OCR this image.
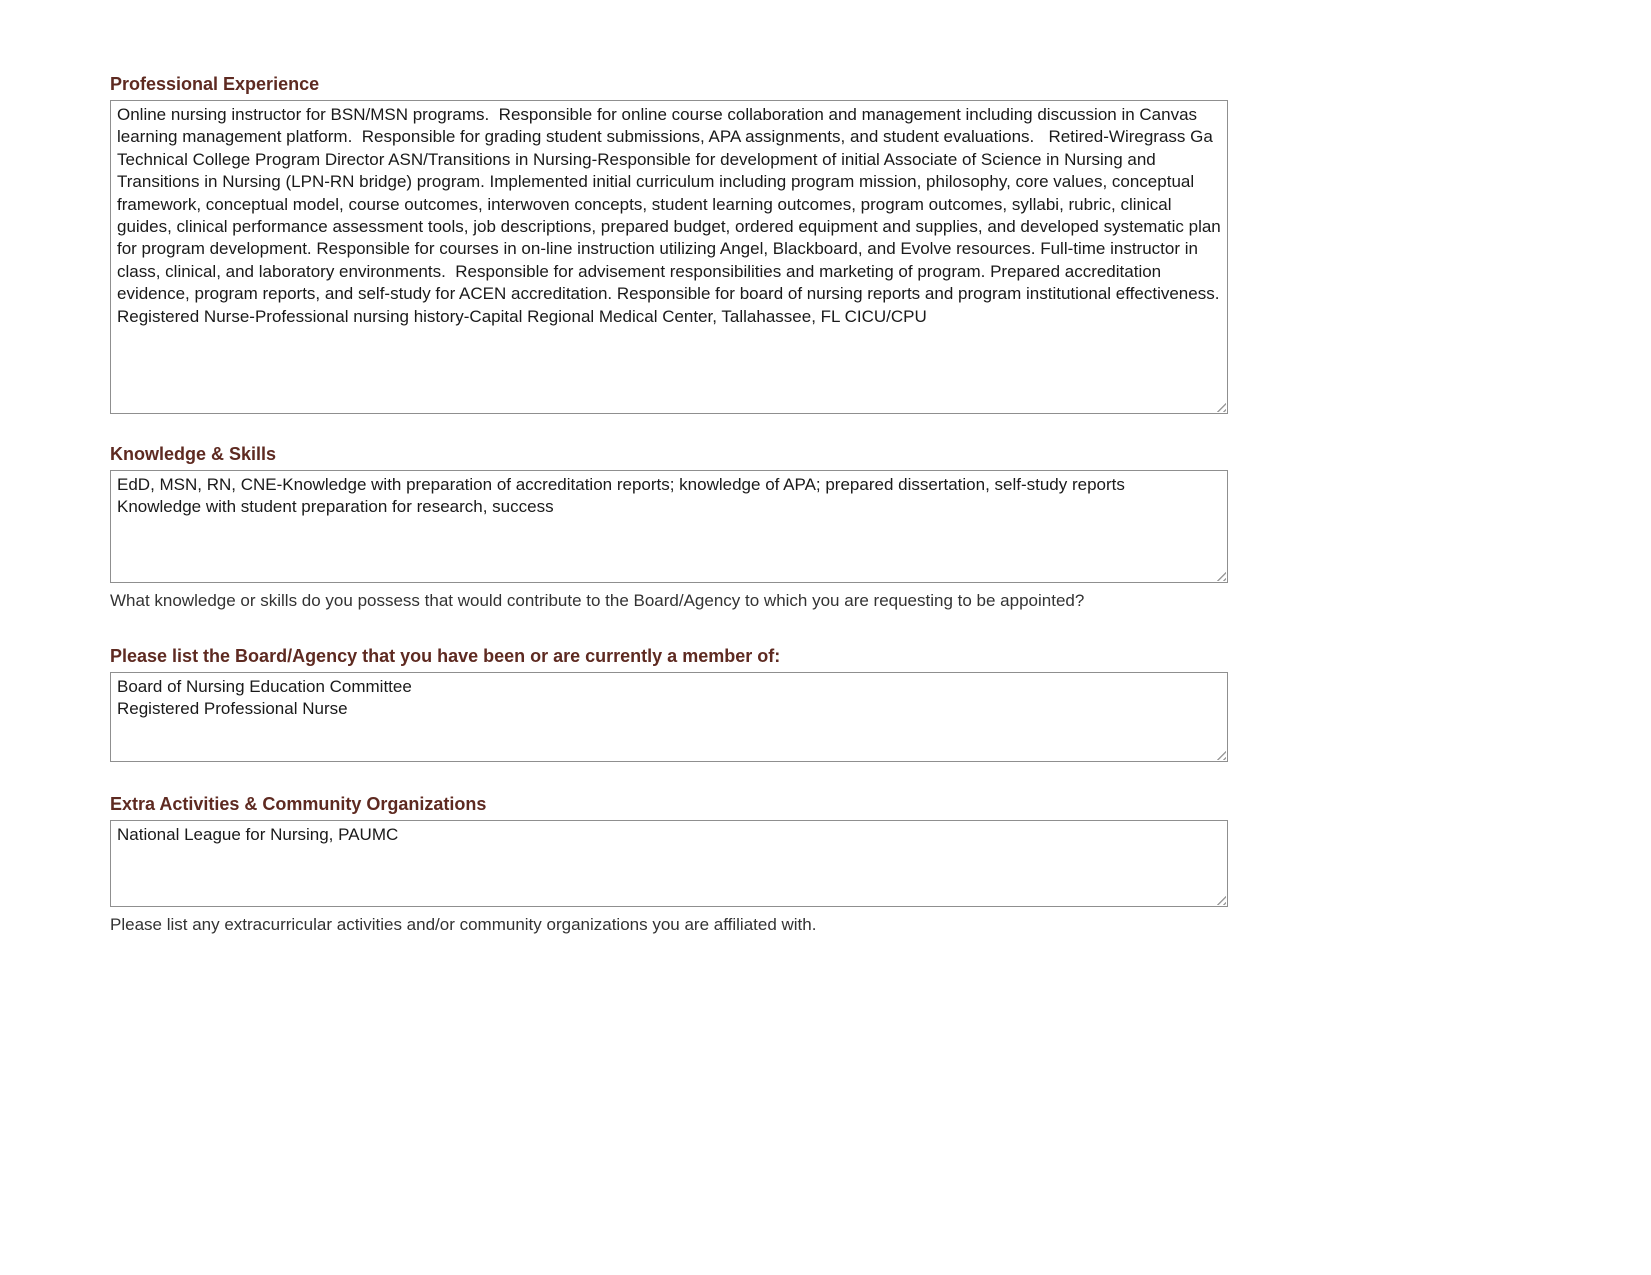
Professional Experience
Online nursing instructor for BSN/MSN programs. Responsible for online course collaboration and management including discussion in Canvas learning management platform. Responsible for grading student submissions, APA assignments, and student evaluations. Retired-Wiregrass Ga Technical College Program Director ASN/Transitions in Nursing-Responsible for development of initial Associate of Science in Nursing and Transitions in Nursing (LPN-RN bridge) program. Implemented initial curriculum including program mission, philosophy, core values, conceptual framework, conceptual model, course outcomes, interwoven concepts, student learning outcomes, program outcomes, syllabi, rubric, clinical guides, clinical performance assessment tools, job descriptions, prepared budget, ordered equipment and supplies, and developed systematic plan for program development. Responsible for courses in on-line instruction utilizing Angel, Blackboard, and Evolve resources. Full-time instructor in class, clinical, and laboratory environments. Responsible for advisement responsibilities and marketing of program. Prepared accreditation evidence, program reports, and self-study for ACEN accreditation. Responsible for board of nursing reports and program institutional effectiveness. Registered Nurse-Professional nursing history-Capital Regional Medical Center, Tallahassee, FL CICU/CPU
Knowledge & Skills
EdD, MSN, RN, CNE-Knowledge with preparation of accreditation reports; knowledge of APA; prepared dissertation, self-study reports Knowledge with student preparation for research, success
What knowledge or skills do you possess that would contribute to the Board/Agency to which you are requesting to be appointed?
Please list the Board/Agency that you have been or are currently a member of:
Board of Nursing Education Committee Registered Professional Nurse
Extra Activities & Community Organizations
National League for Nursing, PAUMC
Please list any extracurricular activities and/or community organizations you are affiliated with.
